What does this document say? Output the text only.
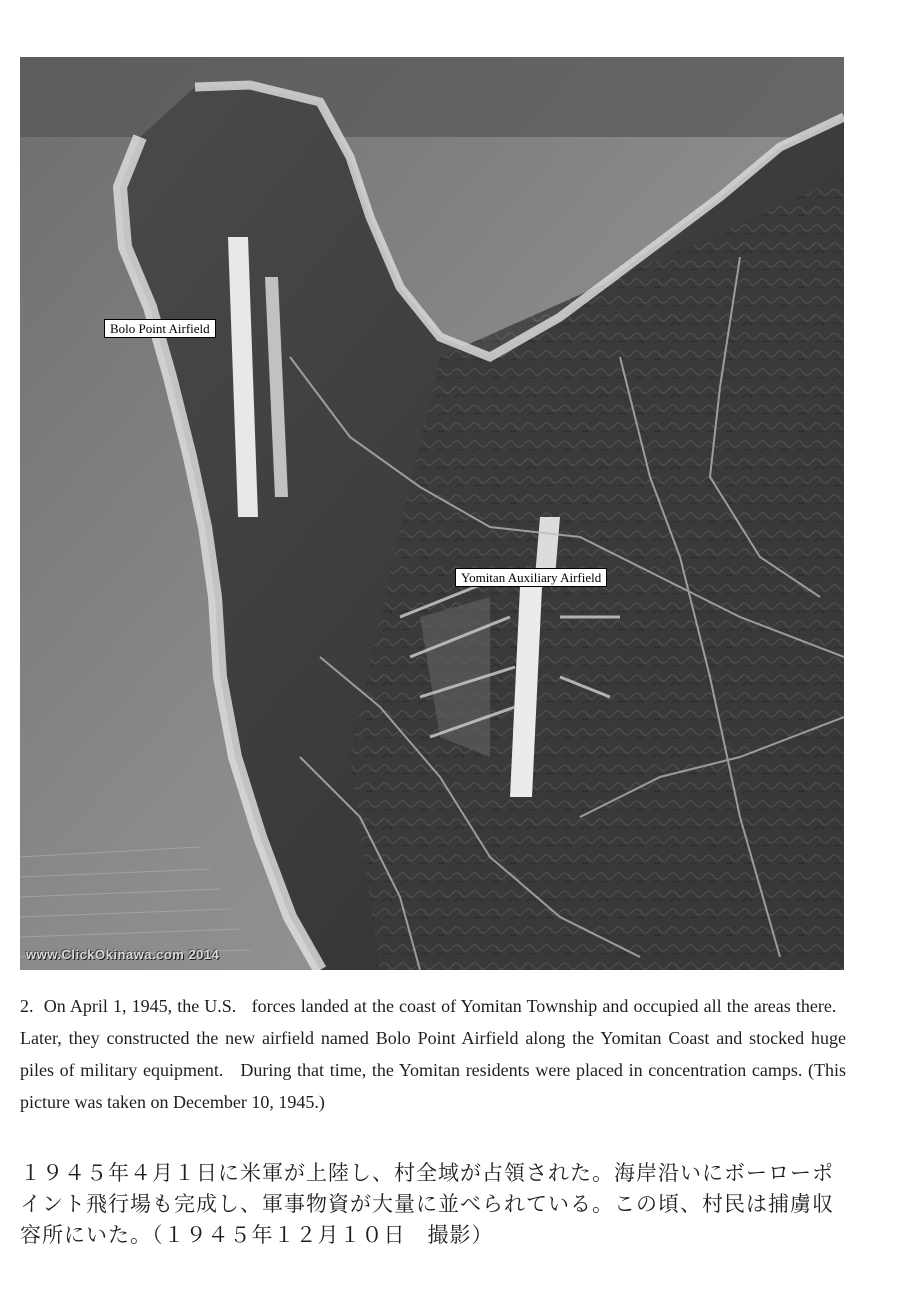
Bolo Point Airfield
Yomitan Auxiliary Airfield
www.ClickOkinawa.com 2014
2.  On April 1, 1945, the U.S.   forces landed at the coast of Yomitan Township and occupied all the areas there.   Later, they constructed the new airfield named Bolo Point Airfield along the Yomitan Coast and stocked huge piles of military equipment.   During that time, the Yomitan residents were placed in concentration camps. (This picture was taken on December 10, 1945.)
１９４５年４月１日に米軍が上陸し、村全域が占領された。海岸沿いにボーローポイント飛行場も完成し、軍事物資が大量に並べられている。この頃、村民は捕虜収容所にいた。（１９４５年１２月１０日　撮影）
